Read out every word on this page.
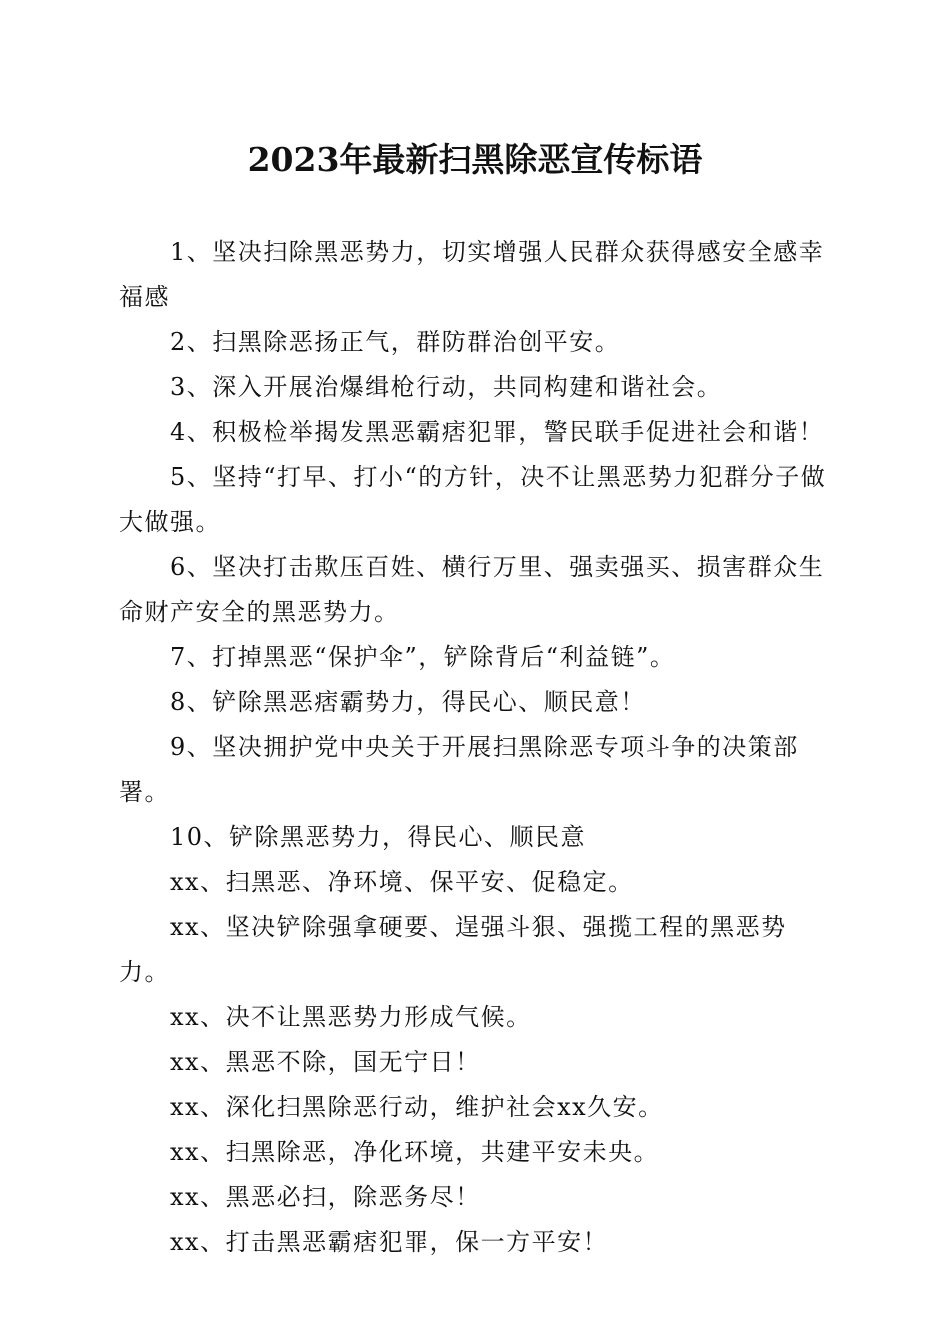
2023年最新扫黑除恶宣传标语

1、坚决扫除黑恶势力，切实增强人民群众获得感安全感幸福感

2、扫黑除恶扬正气，群防群治创平安。

3、深入开展治爆缉枪行动，共同构建和谐社会。

4、积极检举揭发黑恶霸痞犯罪，警民联手促进社会和谐！

5、坚持“打早、打小“的方针，决不让黑恶势力犯群分子做大做强。

6、坚决打击欺压百姓、横行万里、强卖强买、损害群众生命财产安全的黑恶势力。

7、打掉黑恶“保护伞”，铲除背后“利益链”。

8、铲除黑恶痞霸势力，得民心、顺民意！

9、坚决拥护党中央关于开展扫黑除恶专项斗争的决策部署。

10、铲除黑恶势力，得民心、顺民意

xx、扫黑恶、净环境、保平安、促稳定。

xx、坚决铲除强拿硬要、逞强斗狠、强揽工程的黑恶势力。

xx、决不让黑恶势力形成气候。

xx、黑恶不除，国无宁日！

xx、深化扫黑除恶行动，维护社会xx久安。

xx、扫黑除恶，净化环境，共建平安未央。

xx、黑恶必扫，除恶务尽！

xx、打击黑恶霸痞犯罪，保一方平安！
